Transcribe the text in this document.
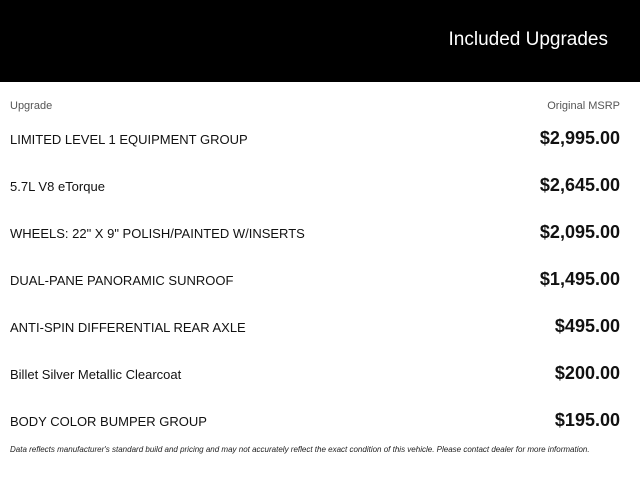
Included Upgrades
Upgrade	Original MSRP
LIMITED LEVEL 1 EQUIPMENT GROUP	$2,995.00
5.7L V8 eTorque	$2,645.00
WHEELS: 22" X 9" POLISH/PAINTED W/INSERTS	$2,095.00
DUAL-PANE PANORAMIC SUNROOF	$1,495.00
ANTI-SPIN DIFFERENTIAL REAR AXLE	$495.00
Billet Silver Metallic Clearcoat	$200.00
BODY COLOR BUMPER GROUP	$195.00
Data reflects manufacturer's standard build and pricing and may not accurately reflect the exact condition of this vehicle. Please contact dealer for more information.
